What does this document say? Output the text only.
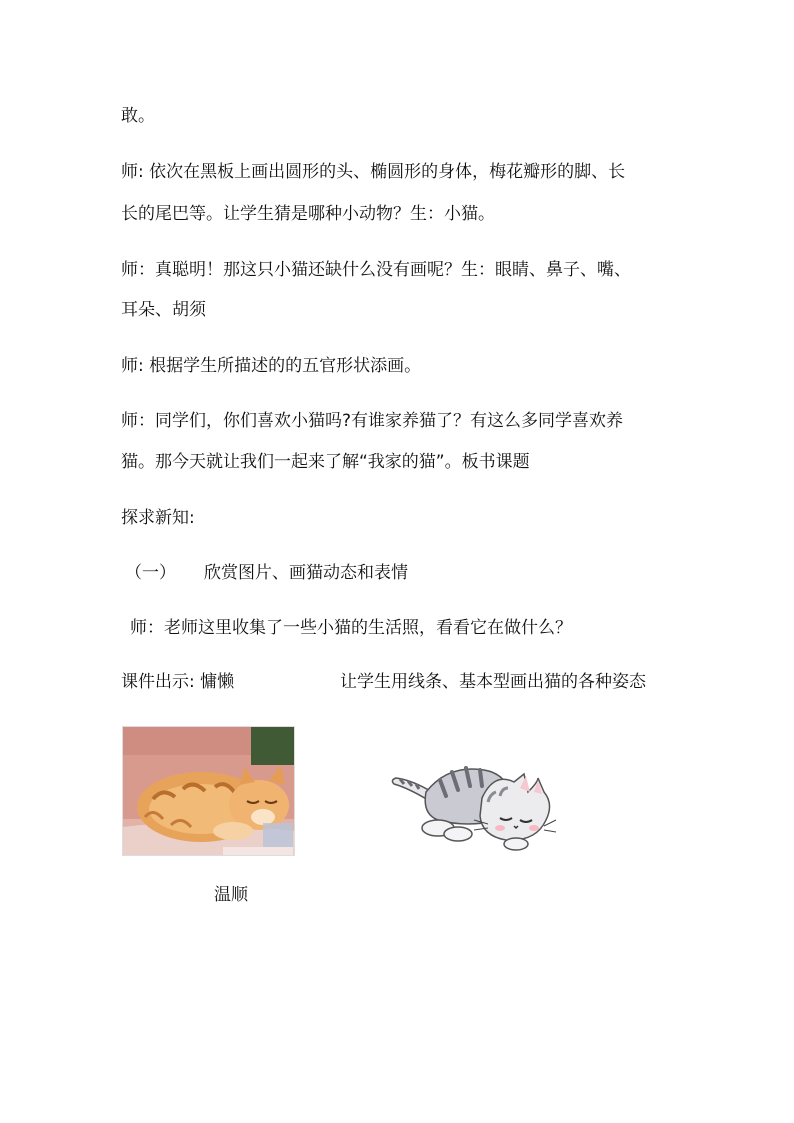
敢。
师: 依次在黑板上画出圆形的头、椭圆形的身体，梅花瓣形的脚、长
长的尾巴等。让学生猜是哪种小动物？生：小猫。
师：真聪明！那这只小猫还缺什么没有画呢？生：眼睛、鼻子、嘴、
耳朵、胡须
师: 根据学生所描述的的五官形状添画。
师：同学们，你们喜欢小猫吗?有谁家养猫了？有这么多同学喜欢养
猫。那今天就让我们一起来了解“我家的猫”。板书课题
探求新知:
（一） 欣赏图片、画猫动态和表情
师：老师这里收集了一些小猫的生活照，看看它在做什么？
课件出示: 慵懒	让学生用线条、基本型画出猫的各种姿态
温顺
